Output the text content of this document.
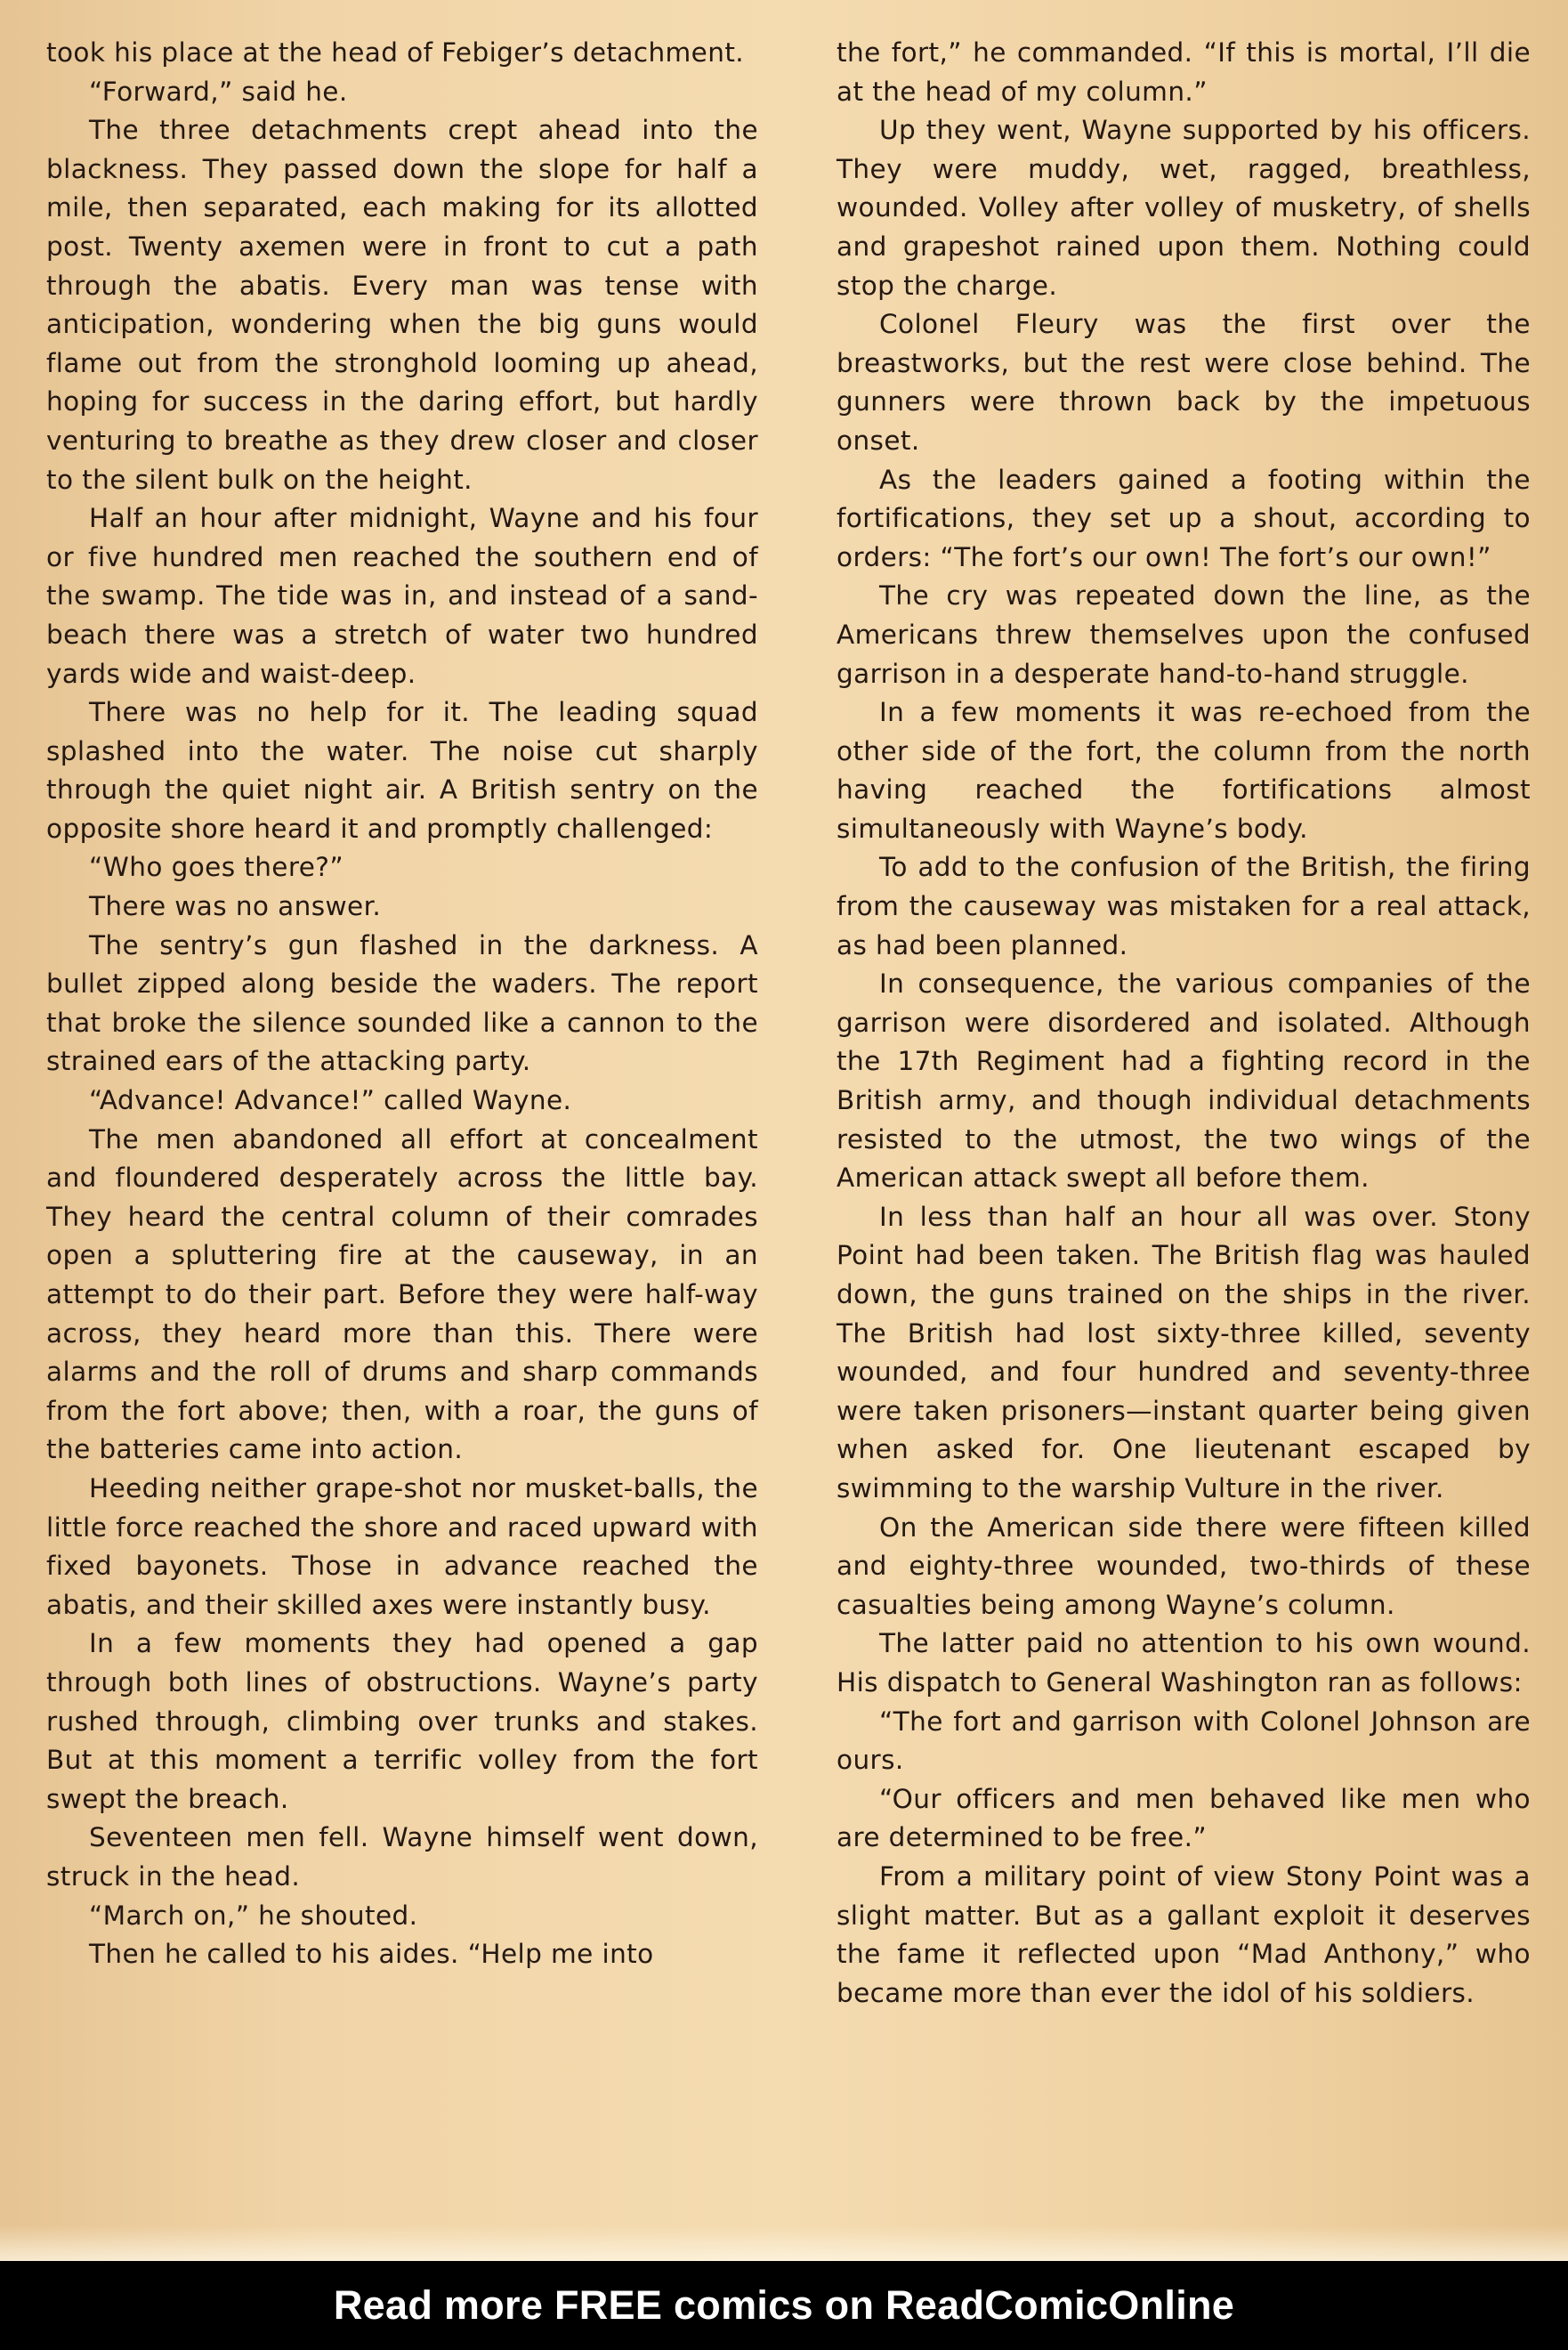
took his place at the head of Febiger’s detachment.

“Forward,” said he.

The three detachments crept ahead into the blackness. They passed down the slope for half a mile, then separated, each making for its allotted post. Twenty axemen were in front to cut a path through the abatis. Every man was tense with anticipation, wondering when the big guns would flame out from the stronghold looming up ahead, hoping for success in the daring effort, but hardly venturing to breathe as they drew closer and closer to the silent bulk on the height.

Half an hour after midnight, Wayne and his four or five hundred men reached the southern end of the swamp. The tide was in, and instead of a sand-beach there was a stretch of water two hundred yards wide and waist-deep.

There was no help for it. The leading squad splashed into the water. The noise cut sharply through the quiet night air. A British sentry on the opposite shore heard it and promptly challenged:

“Who goes there?”

There was no answer.

The sentry’s gun flashed in the darkness. A bullet zipped along beside the waders. The report that broke the silence sounded like a cannon to the strained ears of the attacking party.

“Advance! Advance!” called Wayne.

The men abandoned all effort at concealment and floundered desperately across the little bay. They heard the central column of their comrades open a spluttering fire at the causeway, in an attempt to do their part. Before they were half-way across, they heard more than this. There were alarms and the roll of drums and sharp commands from the fort above; then, with a roar, the guns of the batteries came into action.

Heeding neither grape-shot nor musket-balls, the little force reached the shore and raced upward with fixed bayonets. Those in advance reached the abatis, and their skilled axes were instantly busy.

In a few moments they had opened a gap through both lines of obstructions. Wayne’s party rushed through, climbing over trunks and stakes. But at this moment a terrific volley from the fort swept the breach.

Seventeen men fell. Wayne himself went down, struck in the head.

“March on,” he shouted.

Then he called to his aides. “Help me into

the fort,” he commanded. “If this is mortal, I’ll die at the head of my column.”

Up they went, Wayne supported by his officers. They were muddy, wet, ragged, breathless, wounded. Volley after volley of musketry, of shells and grapeshot rained upon them. Nothing could stop the charge.

Colonel Fleury was the first over the breastworks, but the rest were close behind. The gunners were thrown back by the impetuous onset.

As the leaders gained a footing within the fortifications, they set up a shout, according to orders: “The fort’s our own! The fort’s our own!”

The cry was repeated down the line, as the Americans threw themselves upon the confused garrison in a desperate hand-to-hand struggle.

In a few moments it was re-echoed from the other side of the fort, the column from the north having reached the fortifications almost simultaneously with Wayne’s body.

To add to the confusion of the British, the firing from the causeway was mistaken for a real attack, as had been planned.

In consequence, the various companies of the garrison were disordered and isolated. Although the 17th Regiment had a fighting record in the British army, and though individual detachments resisted to the utmost, the two wings of the American attack swept all before them.

In less than half an hour all was over. Stony Point had been taken. The British flag was hauled down, the guns trained on the ships in the river. The British had lost sixty-three killed, seventy wounded, and four hundred and seventy-three were taken prisoners—instant quarter being given when asked for. One lieutenant escaped by swimming to the warship Vulture in the river.

On the American side there were fifteen killed and eighty-three wounded, two-thirds of these casualties being among Wayne’s column.

The latter paid no attention to his own wound. His dispatch to General Washington ran as follows:

“The fort and garrison with Colonel Johnson are ours.

“Our officers and men behaved like men who are determined to be free.”

From a military point of view Stony Point was a slight matter. But as a gallant exploit it deserves the fame it reflected upon “Mad Anthony,” who became more than ever the idol of his soldiers.

Read more FREE comics on ReadComicOnline
